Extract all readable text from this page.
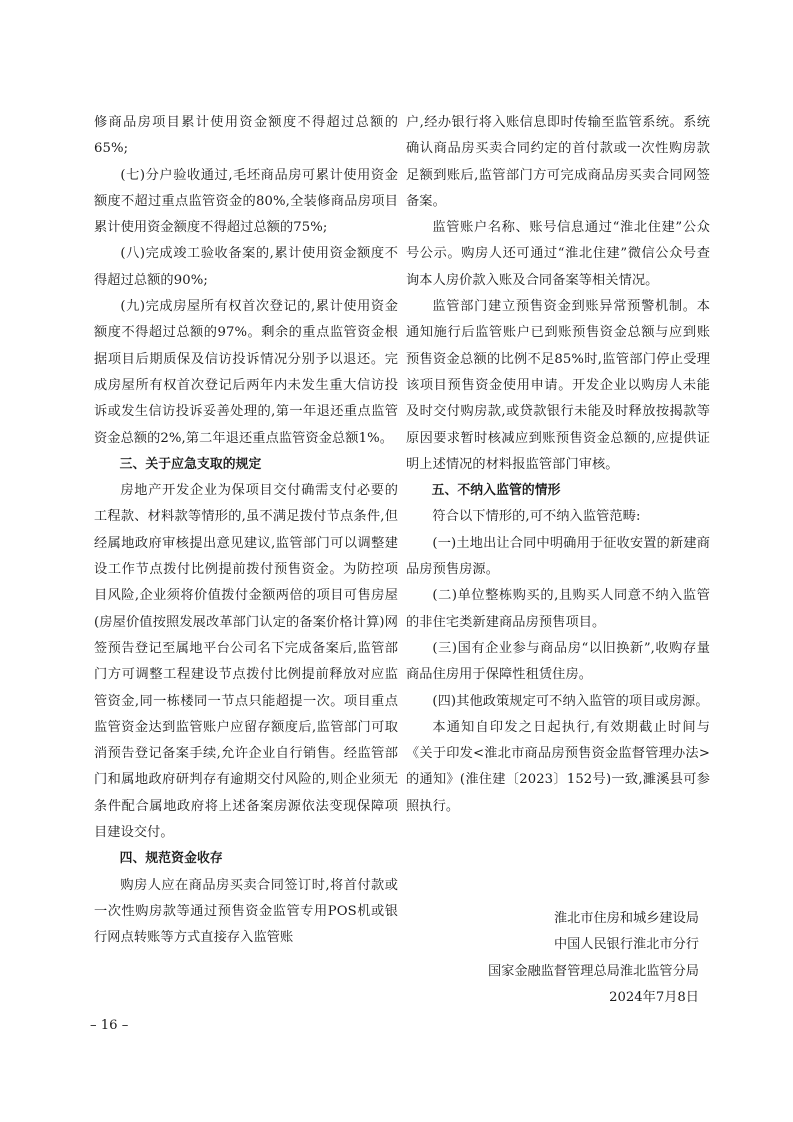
修商品房项目累计使用资金额度不得超过总额的65%;

(七)分户验收通过,毛坯商品房可累计使用资金额度不超过重点监管资金的80%,全装修商品房项目累计使用资金额度不得超过总额的75%;

(八)完成竣工验收备案的,累计使用资金额度不得超过总额的90%;

(九)完成房屋所有权首次登记的,累计使用资金额度不得超过总额的97%。剩余的重点监管资金根据项目后期质保及信访投诉情况分别予以退还。完成房屋所有权首次登记后两年内未发生重大信访投诉或发生信访投诉妥善处理的,第一年退还重点监管资金总额的2%,第二年退还重点监管资金总额1%。

三、关于应急支取的规定

房地产开发企业为保项目交付确需支付必要的工程款、材料款等情形的,虽不满足拨付节点条件,但经属地政府审核提出意见建议,监管部门可以调整建设工作节点拨付比例提前拨付预售资金。为防控项目风险,企业须将价值拨付金额两倍的项目可售房屋(房屋价值按照发展改革部门认定的备案价格计算)网签预告登记至属地平台公司名下完成备案后,监管部门方可调整工程建设节点拨付比例提前释放对应监管资金,同一栋楼同一节点只能超提一次。项目重点监管资金达到监管账户应留存额度后,监管部门可取消预告登记备案手续,允许企业自行销售。经监管部门和属地政府研判存有逾期交付风险的,则企业须无条件配合属地政府将上述备案房源依法变现保障项目建设交付。

四、规范资金收存

购房人应在商品房买卖合同签订时,将首付款或一次性购房款等通过预售资金监管专用POS机或银行网点转账等方式直接存入监管账

户,经办银行将入账信息即时传输至监管系统。系统确认商品房买卖合同约定的首付款或一次性购房款足额到账后,监管部门方可完成商品房买卖合同网签备案。

监管账户名称、账号信息通过“淮北住建”公众号公示。购房人还可通过“淮北住建”微信公众号查询本人房价款入账及合同备案等相关情况。

监管部门建立预售资金到账异常预警机制。本通知施行后监管账户已到账预售资金总额与应到账预售资金总额的比例不足85%时,监管部门停止受理该项目预售资金使用申请。开发企业以购房人未能及时交付购房款,或贷款银行未能及时释放按揭款等原因要求暂时核减应到账预售资金总额的,应提供证明上述情况的材料报监管部门审核。

五、不纳入监管的情形

符合以下情形的,可不纳入监管范畴:

(一)土地出让合同中明确用于征收安置的新建商品房预售房源。

(二)单位整栋购买的,且购买人同意不纳入监管的非住宅类新建商品房预售项目。

(三)国有企业参与商品房“以旧换新”,收购存量商品住房用于保障性租赁住房。

(四)其他政策规定可不纳入监管的项目或房源。

本通知自印发之日起执行,有效期截止时间与《关于印发<淮北市商品房预售资金监督管理办法>的通知》(淮住建〔2023〕152号)一致,濉溪县可参照执行。

淮北市住房和城乡建设局
中国人民银行淮北市分行
国家金融监督管理总局淮北监管分局
2024年7月8日
– 16 –
